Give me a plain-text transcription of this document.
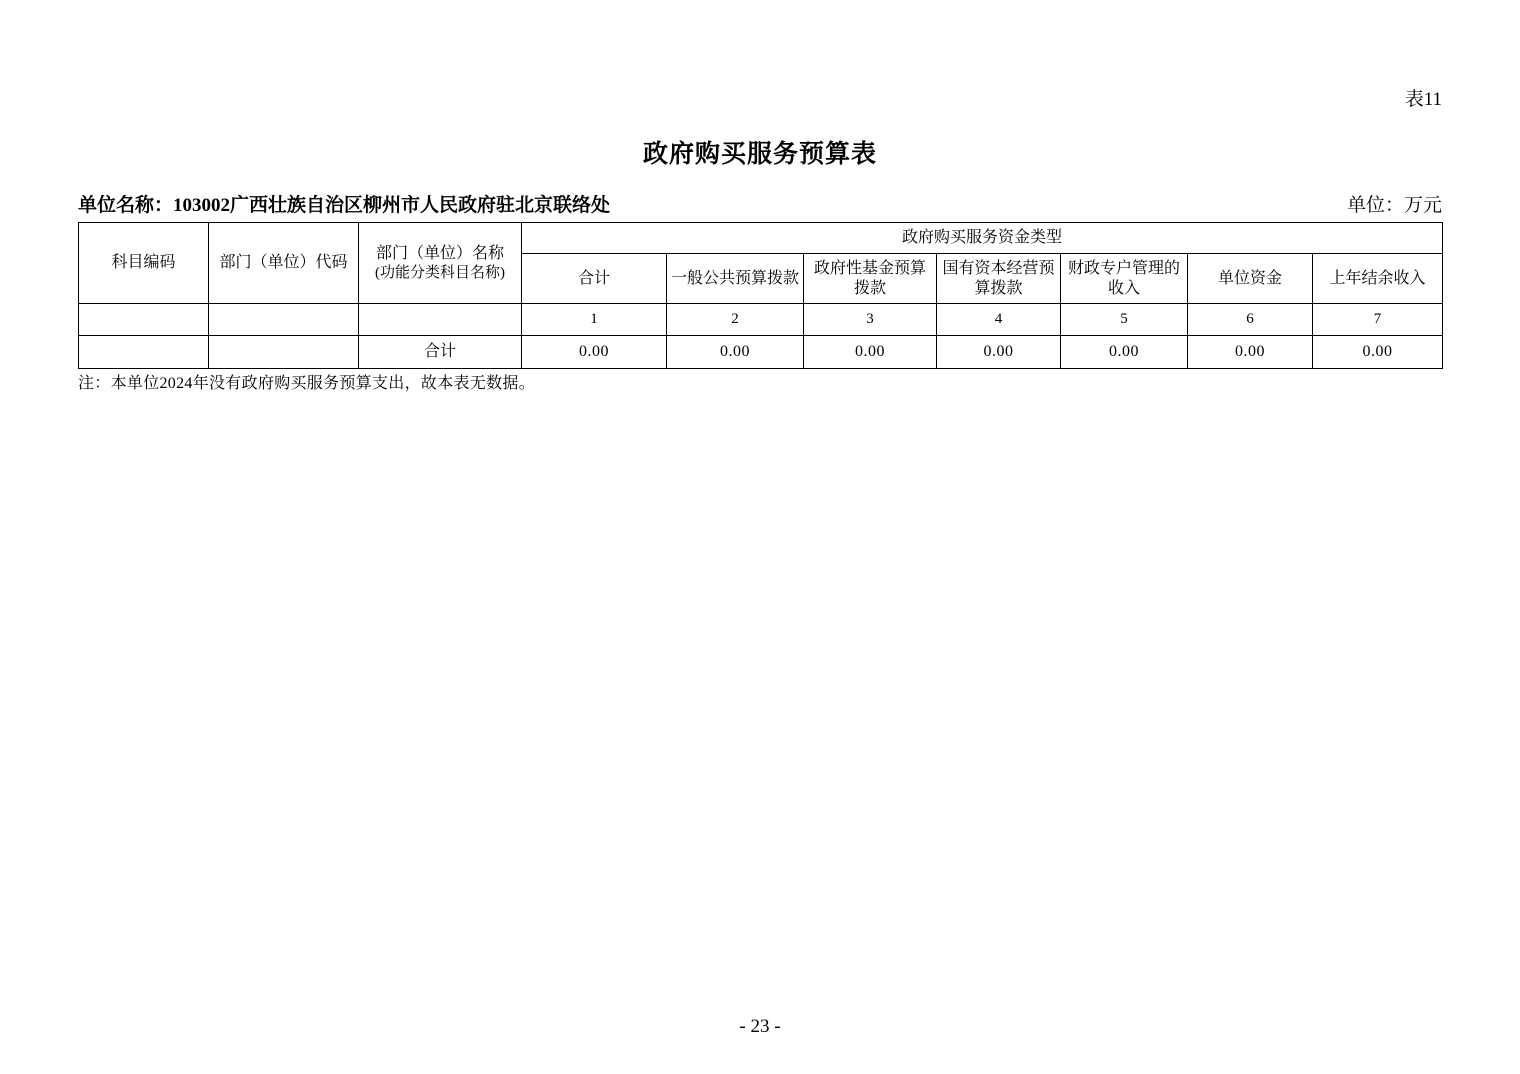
表11
政府购买服务预算表
单位名称：103002广西壮族自治区柳州市人民政府驻北京联络处	单位：万元
科目编码	部门（单位）代码	部门（单位）名称
(功能分类科目名称)	政府购买服务资金类型						
			合计	一般公共预算拨款	政府性基金预算拨款	国有资本经营预算拨款	财政专户管理的收入	单位资金	上年结余收入
			1	2	3	4	5	6	7
		合计	0.00	0.00	0.00	0.00	0.00	0.00	0.00
注：本单位2024年没有政府购买服务预算支出，故本表无数据。
- 23 -
